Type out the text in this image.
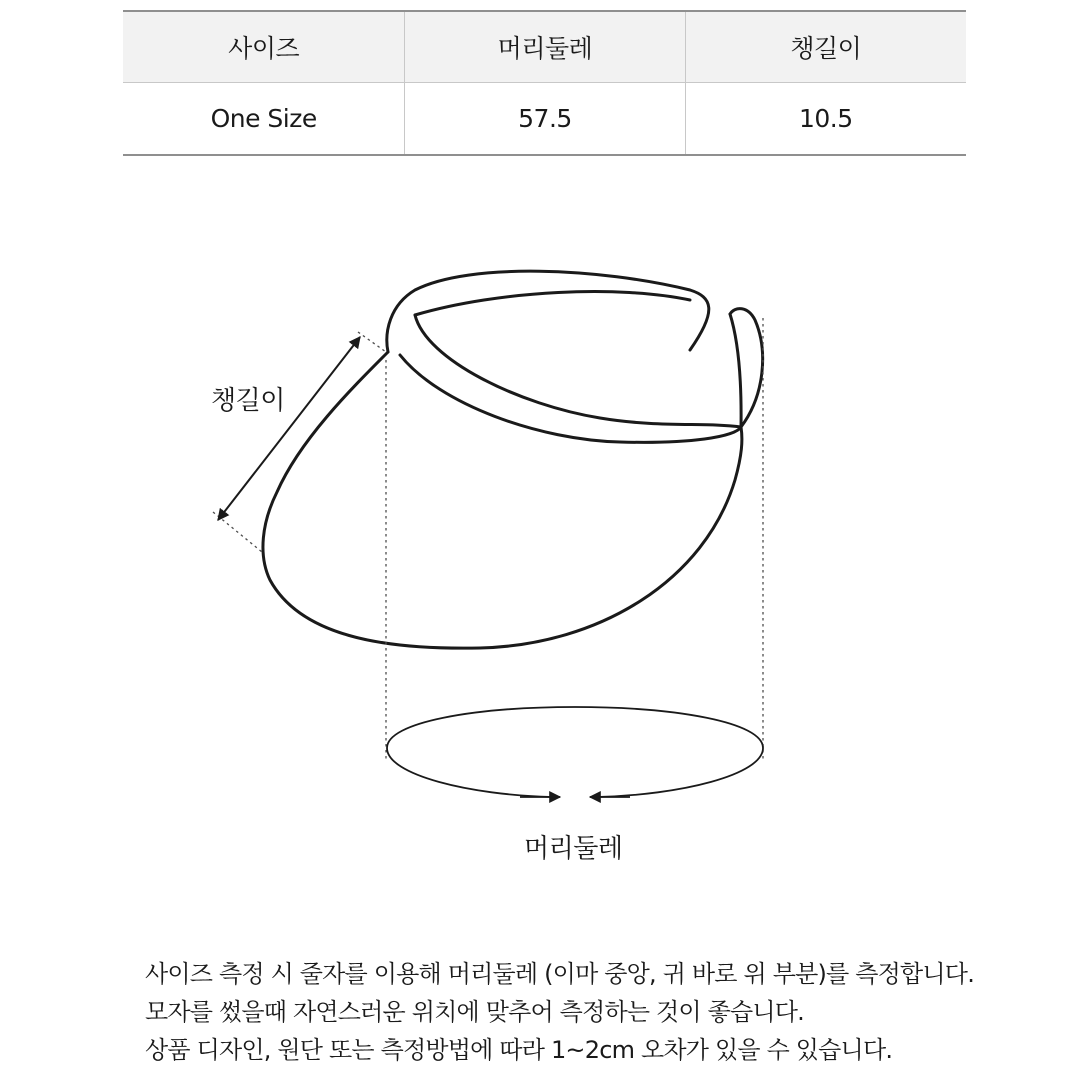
사이즈	머리둘레	챙길이
One Size	57.5	10.5
챙길이
머리둘레
사이즈 측정 시 줄자를 이용해 머리둘레 (이마 중앙, 귀 바로 위 부분)를 측정합니다.
모자를 썼을때 자연스러운 위치에 맞추어 측정하는 것이 좋습니다.
상품 디자인, 원단 또는 측정방법에 따라 1~2cm 오차가 있을 수 있습니다.
